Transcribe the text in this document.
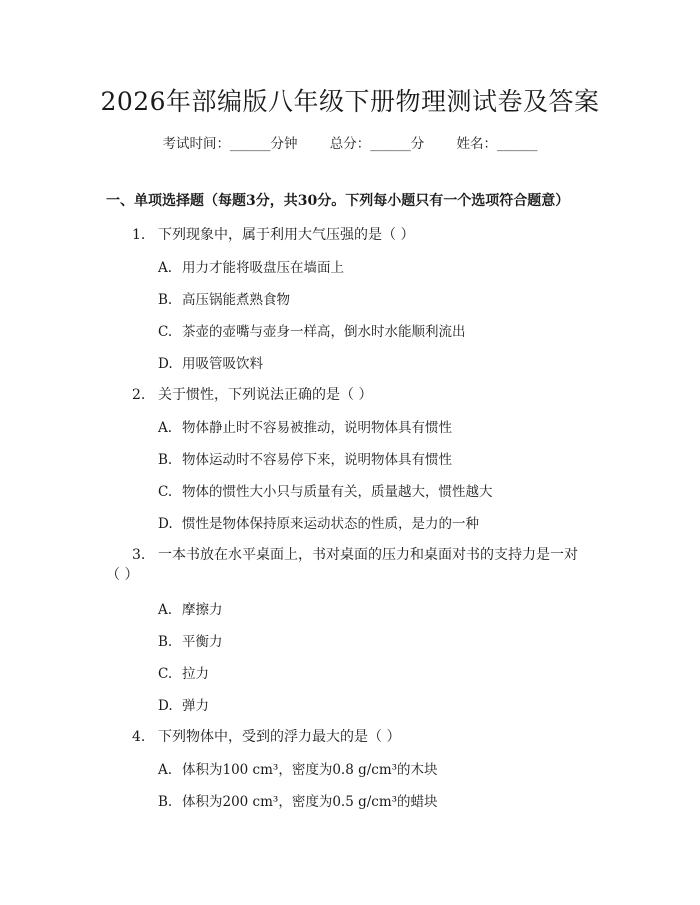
2026年部编版八年级下册物理测试卷及答案
考试时间：______分钟 总分：______分 姓名：______
一、单项选择题（每题3分，共30分。下列每小题只有一个选项符合题意）
1. 下列现象中，属于利用大气压强的是（ ）
A. 用力才能将吸盘压在墙面上
B. 高压锅能煮熟食物
C. 茶壶的壶嘴与壶身一样高，倒水时水能顺利流出
D. 用吸管吸饮料
2. 关于惯性，下列说法正确的是（ ）
A. 物体静止时不容易被推动，说明物体具有惯性
B. 物体运动时不容易停下来，说明物体具有惯性
C. 物体的惯性大小只与质量有关，质量越大，惯性越大
D. 惯性是物体保持原来运动状态的性质，是力的一种
3. 一本书放在水平桌面上，书对桌面的压力和桌面对书的支持力是一对
（ ）
A. 摩擦力
B. 平衡力
C. 拉力
D. 弹力
4. 下列物体中，受到的浮力最大的是（ ）
A. 体积为100 cm³，密度为0.8 g/cm³的木块
B. 体积为200 cm³，密度为0.5 g/cm³的蜡块
